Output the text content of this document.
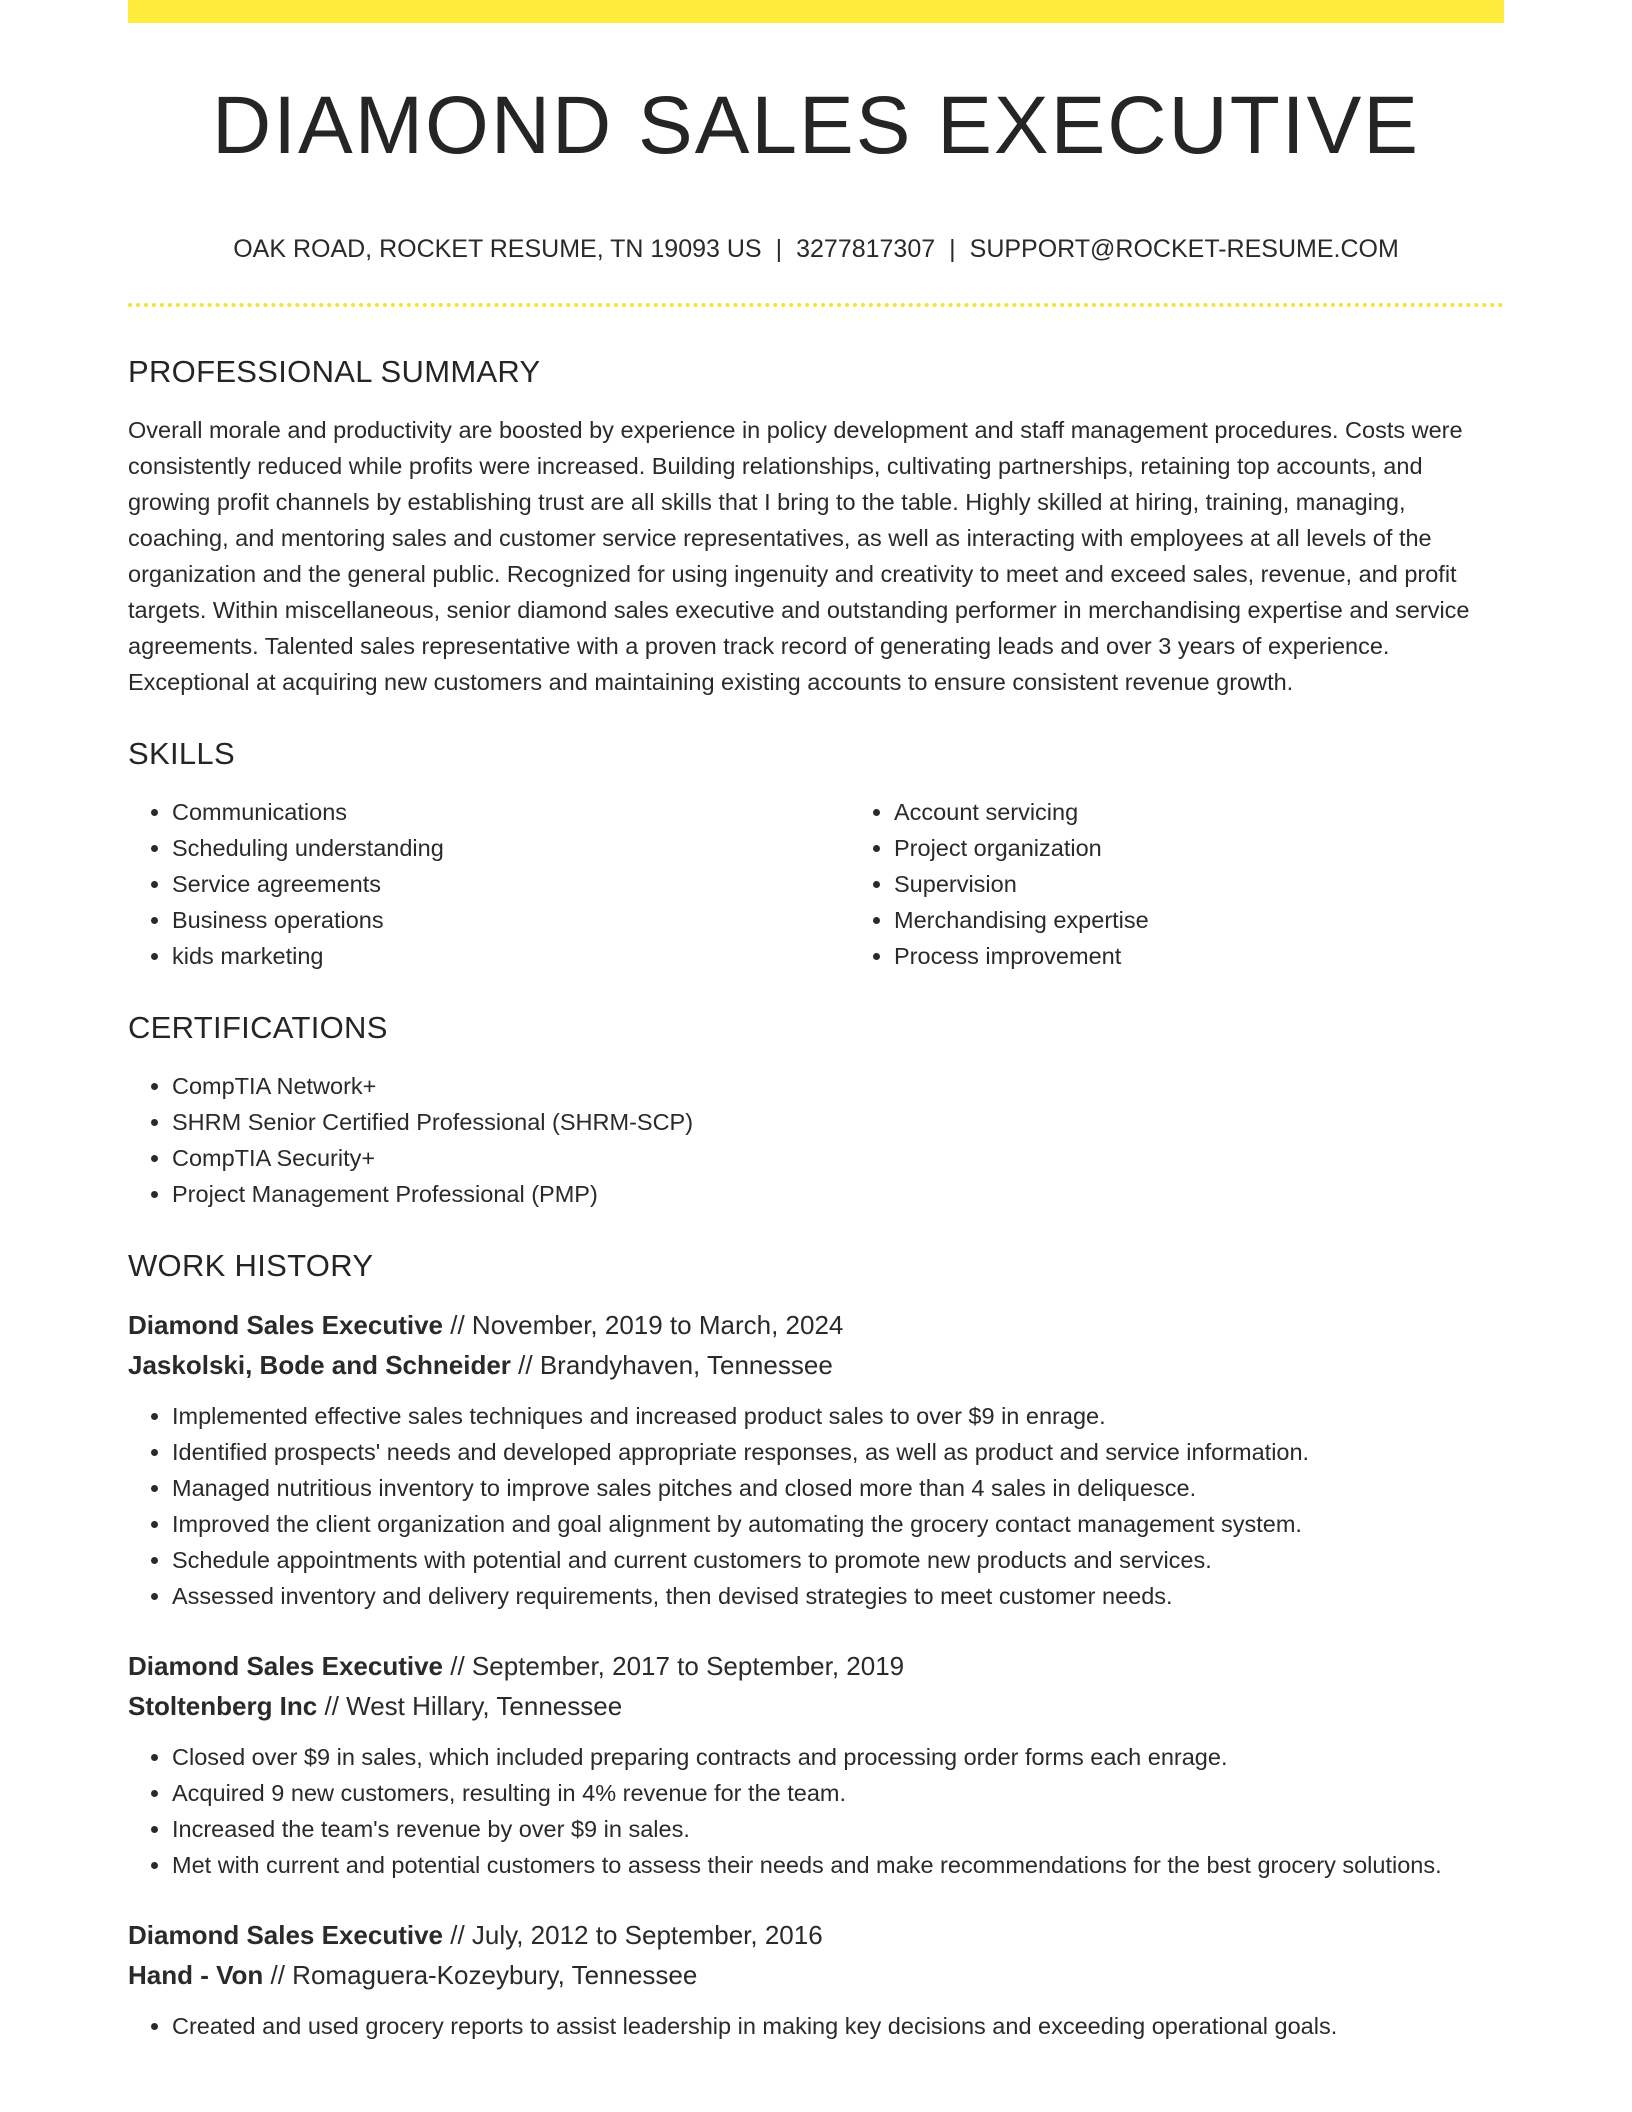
DIAMOND SALES EXECUTIVE
OAK ROAD, ROCKET RESUME, TN 19093 US | 3277817307 | SUPPORT@ROCKET-RESUME.COM
PROFESSIONAL SUMMARY

Overall morale and productivity are boosted by experience in policy development and staff management procedures. Costs were consistently reduced while profits were increased. Building relationships, cultivating partnerships, retaining top accounts, and growing profit channels by establishing trust are all skills that I bring to the table. Highly skilled at hiring, training, managing, coaching, and mentoring sales and customer service representatives, as well as interacting with employees at all levels of the organization and the general public. Recognized for using ingenuity and creativity to meet and exceed sales, revenue, and profit targets. Within miscellaneous, senior diamond sales executive and outstanding performer in merchandising expertise and service agreements. Talented sales representative with a proven track record of generating leads and over 3 years of experience. Exceptional at acquiring new customers and maintaining existing accounts to ensure consistent revenue growth.

SKILLS
• Communications
• Scheduling understanding
• Service agreements
• Business operations
• kids marketing
• Account servicing
• Project organization
• Supervision
• Merchandising expertise
• Process improvement
CERTIFICATIONS
• CompTIA Network+
• SHRM Senior Certified Professional (SHRM-SCP)
• CompTIA Security+
• Project Management Professional (PMP)
WORK HISTORY
Diamond Sales Executive // November, 2019 to March, 2024
Jaskolski, Bode and Schneider // Brandyhaven, Tennessee
• Implemented effective sales techniques and increased product sales to over $9 in enrage.
• Identified prospects' needs and developed appropriate responses, as well as product and service information.
• Managed nutritious inventory to improve sales pitches and closed more than 4 sales in deliquesce.
• Improved the client organization and goal alignment by automating the grocery contact management system.
• Schedule appointments with potential and current customers to promote new products and services.
• Assessed inventory and delivery requirements, then devised strategies to meet customer needs.
Diamond Sales Executive // September, 2017 to September, 2019
Stoltenberg Inc // West Hillary, Tennessee
• Closed over $9 in sales, which included preparing contracts and processing order forms each enrage.
• Acquired 9 new customers, resulting in 4% revenue for the team.
• Increased the team's revenue by over $9 in sales.
• Met with current and potential customers to assess their needs and make recommendations for the best grocery solutions.
Diamond Sales Executive // July, 2012 to September, 2016
Hand - Von // Romaguera-Kozeybury, Tennessee
• Created and used grocery reports to assist leadership in making key decisions and exceeding operational goals.
